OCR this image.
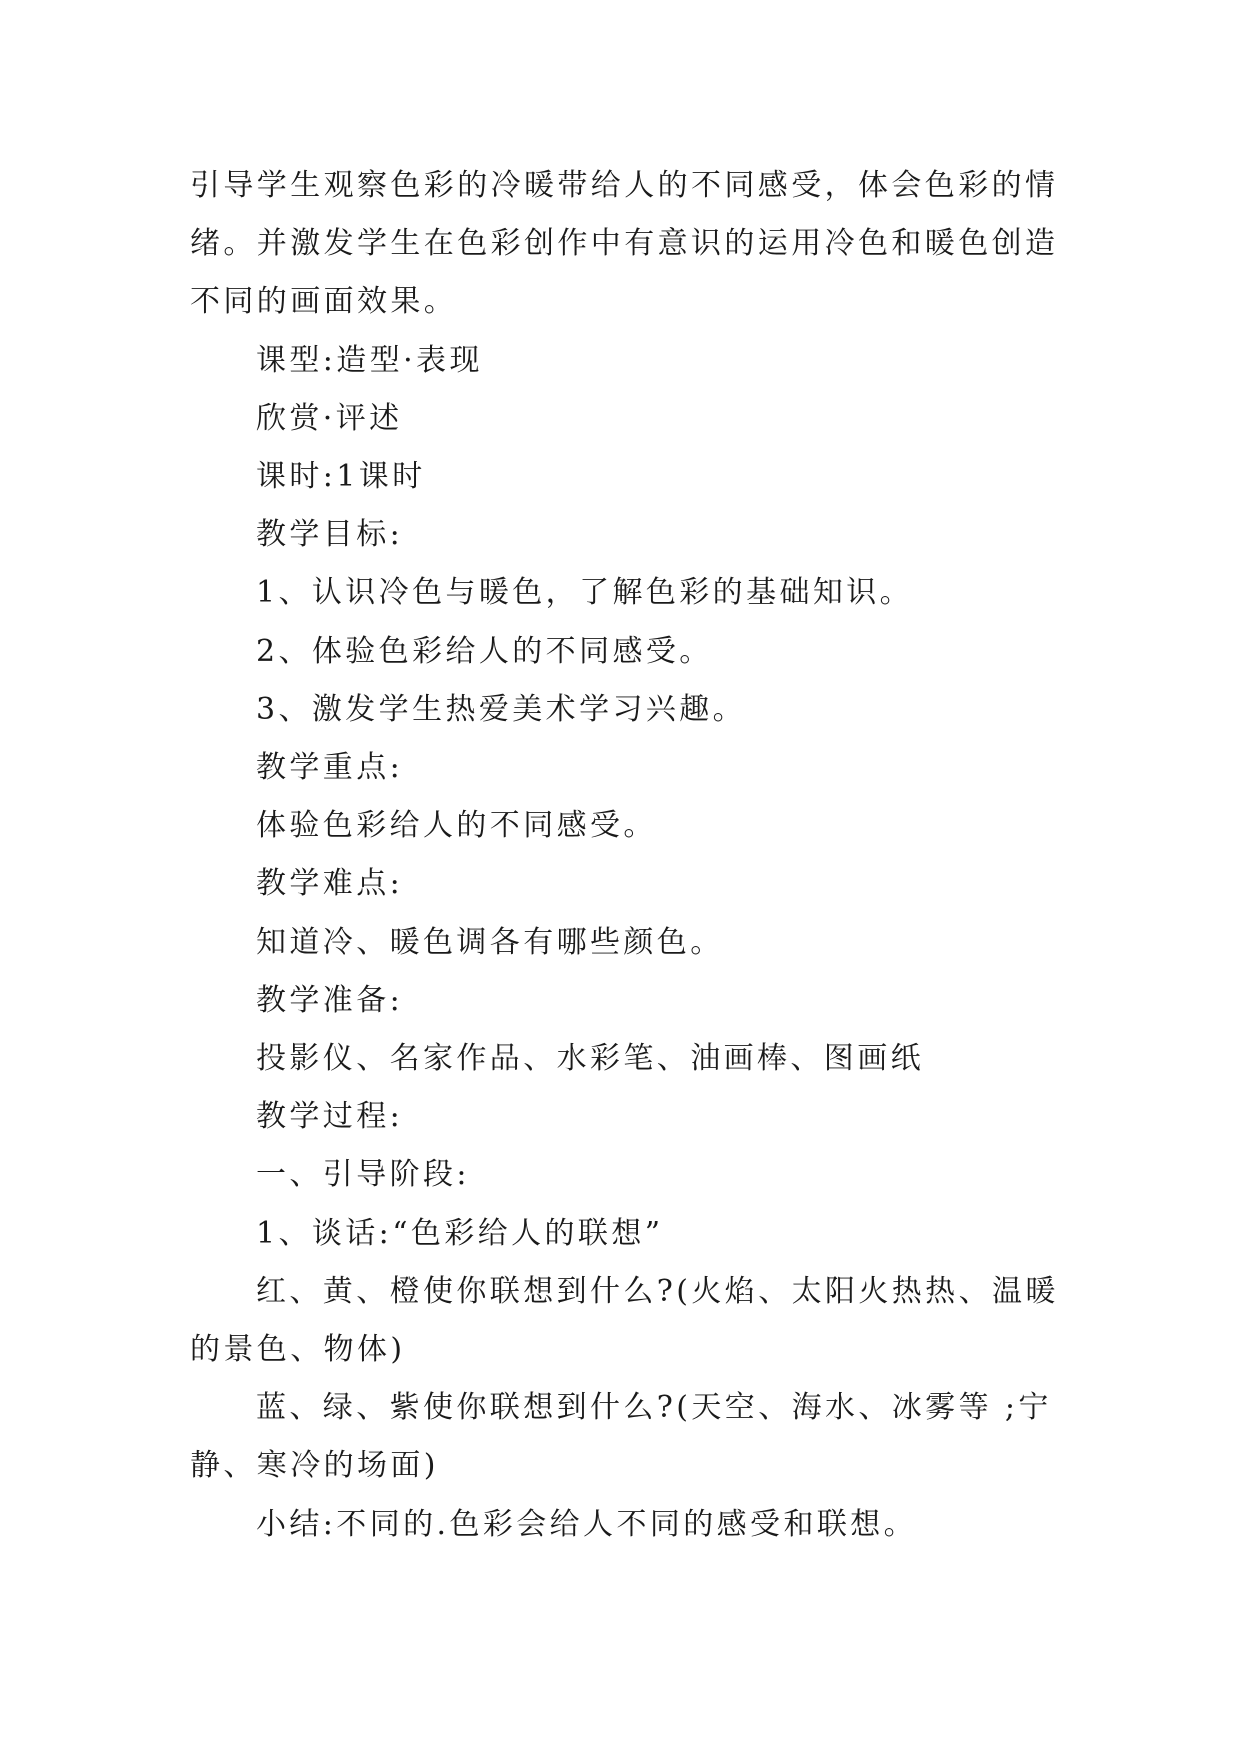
引导学生观察色彩的冷暖带给人的不同感受，体会色彩的情绪。并激发学生在色彩创作中有意识的运用冷色和暖色创造不同的画面效果。

课型:造型·表现

欣赏·评述

课时:1课时

教学目标:

1、认识冷色与暖色，了解色彩的基础知识。

2、体验色彩给人的不同感受。

3、激发学生热爱美术学习兴趣。

教学重点:

体验色彩给人的不同感受。

教学难点:

知道冷、暖色调各有哪些颜色。

教学准备:

投影仪、名家作品、水彩笔、油画棒、图画纸

教学过程:

一、引导阶段:

1、谈话:“色彩给人的联想”

红、黄、橙使你联想到什么?(火焰、太阳火热热、温暖的景色、物体)

蓝、绿、紫使你联想到什么?(天空、海水、冰雾等 ;宁静、寒冷的场面)

小结:不同的.色彩会给人不同的感受和联想。
